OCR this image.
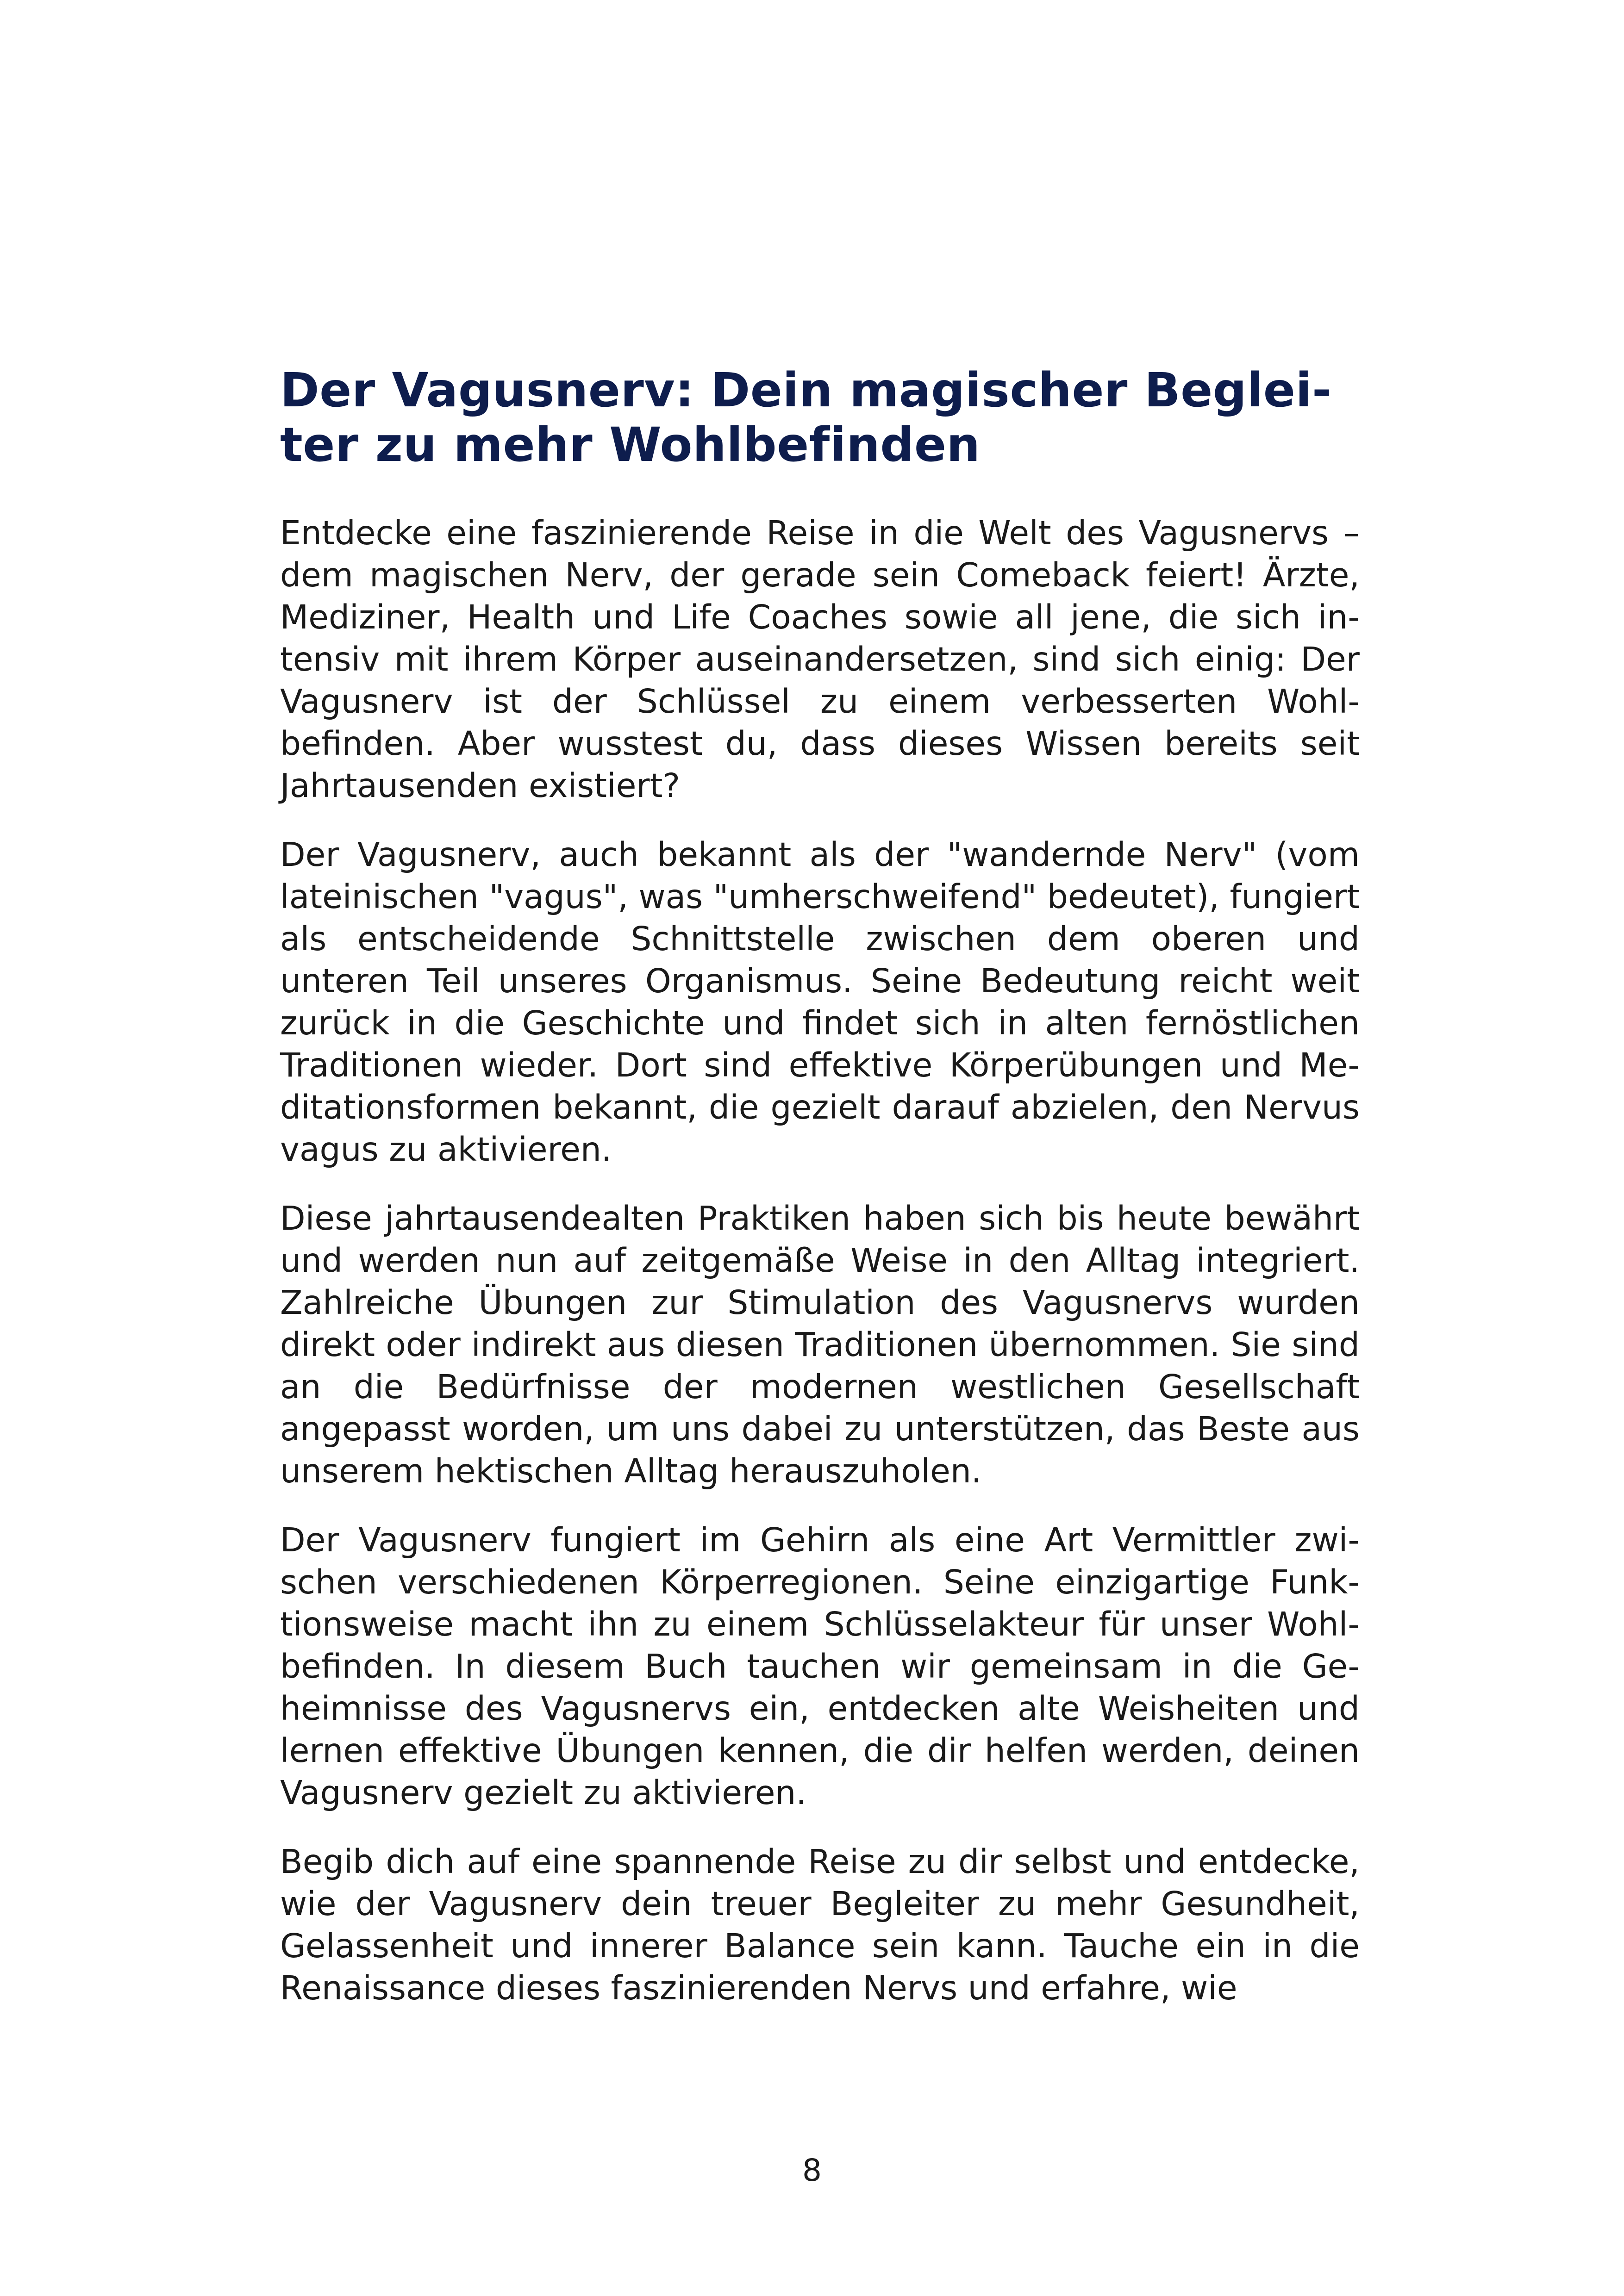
Der Vagusnerv: Dein magischer Begleiter zu mehr Wohlbefinden

Entdecke eine faszinierende Reise in die Welt des Vagusnervs – dem magischen Nerv, der gerade sein Comeback feiert! Ärzte, Mediziner, Health und Life Coaches sowie all jene, die sich intensiv mit ihrem Körper auseinandersetzen, sind sich einig: Der Vagusnerv ist der Schlüssel zu einem verbesserten Wohlbefinden. Aber wusstest du, dass dieses Wissen bereits seit Jahrtausenden existiert?

Der Vagusnerv, auch bekannt als der "wandernde Nerv" (vom lateinischen "vagus", was "umherschweifend" bedeutet), fungiert als entscheidende Schnittstelle zwischen dem oberen und unteren Teil unseres Organismus. Seine Bedeutung reicht weit zurück in die Geschichte und findet sich in alten fernöstlichen Traditionen wieder. Dort sind effektive Körperübungen und Meditationsformen bekannt, die gezielt darauf abzielen, den Nervus vagus zu aktivieren.

Diese jahrtausendealten Praktiken haben sich bis heute bewährt und werden nun auf zeitgemäße Weise in den Alltag integriert. Zahlreiche Übungen zur Stimulation des Vagusnervs wurden direkt oder indirekt aus diesen Traditionen übernommen. Sie sind an die Bedürfnisse der modernen westlichen Gesellschaft angepasst worden, um uns dabei zu unterstützen, das Beste aus unserem hektischen Alltag herauszuholen.

Der Vagusnerv fungiert im Gehirn als eine Art Vermittler zwischen verschiedenen Körperregionen. Seine einzigartige Funktionsweise macht ihn zu einem Schlüsselakteur für unser Wohlbefinden. In diesem Buch tauchen wir gemeinsam in die Geheimnisse des Vagusnervs ein, entdecken alte Weisheiten und lernen effektive Übungen kennen, die dir helfen werden, deinen Vagusnerv gezielt zu aktivieren.

Begib dich auf eine spannende Reise zu dir selbst und entdecke, wie der Vagusnerv dein treuer Begleiter zu mehr Gesundheit, Gelassenheit und innerer Balance sein kann. Tauche ein in die Renaissance dieses faszinierenden Nervs und erfahre, wie

8
